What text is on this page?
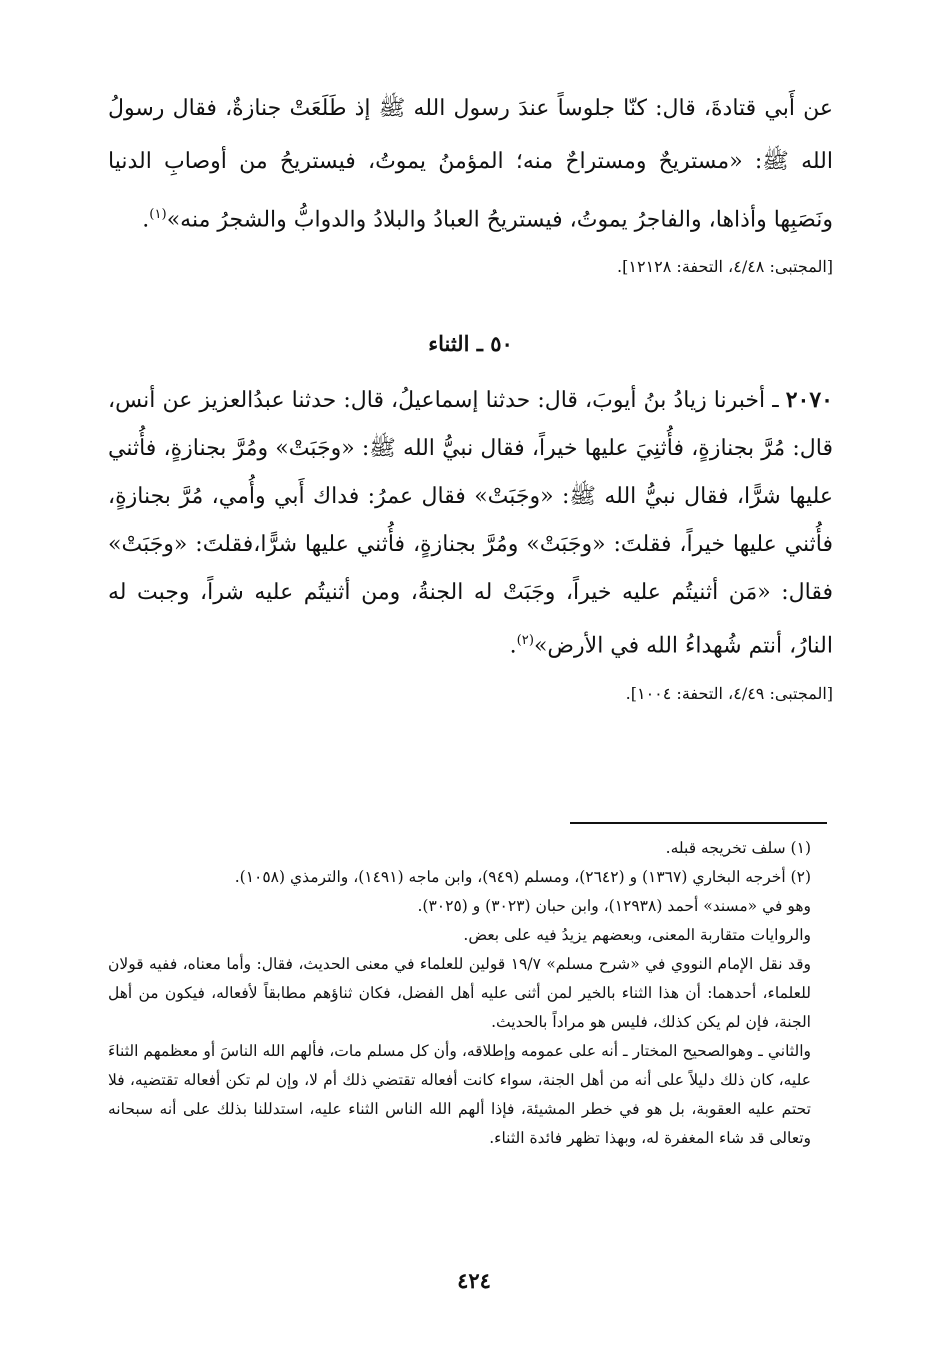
عن أَبي قتادةَ، قال: كنّا جلوساً عندَ رسول الله ﷺ إذ طَلَعَتْ جنازةٌ، فقال رسولُ الله ﷺ: «مستريحٌ ومستراحٌ منه؛ المؤمنُ يموتُ، فيستريحُ من أوصابِ الدنيا ونَصَبِها وأذاها، والفاجرُ يموتُ، فيستريحُ العبادُ والبلادُ والدوابُّ والشجرُ منه»$^{(١)}$.

[المجتبى: ٤/٤٨، التحفة: ١٢١٢٨].

٥٠ ـ الثناء

٢٠٧٠ ـ أخبرنا زيادُ بنُ أيوبَ، قال: حدثنا إسماعيلُ، قال: حدثنا عبدُالعزيز عن أنس، قال: مُرَّ بجنازةٍ، فأُثنِيَ عليها خيراً، فقال نبيُّ الله ﷺ: «وجَبَتْ» ومُرَّ بجنازةٍ، فأُثني عليها شرًّا، فقال نبيُّ الله ﷺ: «وجَبَتْ» فقال عمرُ: فداك أَبي وأُمي، مُرَّ بجنازةٍ، فأُثني عليها خيراً، فقلتَ: «وجَبَتْ» ومُرَّ بجنازةٍ، فأُثني عليها شرًّا،فقلتَ: «وجَبَتْ» فقال: «مَن أثنيتُم عليه خيراً، وجَبَتْ له الجنةُ، ومن أثنيتُم عليه شراً، وجبت له النارُ، أنتم شُهداءُ الله في الأرض»$^{(٢)}$.

[المجتبى: ٤/٤٩، التحفة: ١٠٠٤].

(١) سلف تخريجه قبله.

(٢) أخرجه البخاري (١٣٦٧) و (٢٦٤٢)، ومسلم (٩٤٩)، وابن ماجه (١٤٩١)، والترمذي (١٠٥٨).

وهو في «مسند» أحمد (١٢٩٣٨)، وابن حبان (٣٠٢٣) و (٣٠٢٥).

والروايات متقاربة المعنى، وبعضهم يزيدُ فيه على بعض.

وقد نقل الإمام النووي في «شرح مسلم» ١٩/٧ قولين للعلماء في معنى الحديث، فقال: وأما معناه، ففيه قولان للعلماء، أحدهما: أن هذا الثناء بالخير لمن أثنى عليه أهل الفضل، فكان ثناؤهم مطابقاً لأفعاله، فيكون من أهل الجنة، فإن لم يكن كذلك، فليس هو مراداً بالحديث.

والثاني ـ وهوالصحيح المختار ـ أنه على عمومه وإطلاقه، وأن كل مسلم مات، فألهم الله الناسَ أو معظمهم الثناءَ عليه، كان ذلك دليلاً على أنه من أهل الجنة، سواء كانت أفعاله تقتضي ذلك أم لا، وإن لم تكن أفعاله تقتضيه، فلا تحتم عليه العقوبة، بل هو في خطر المشيئة، فإذا ألهم الله الناس الثناء عليه، استدللنا بذلك على أنه سبحانه وتعالى قد شاء المغفرة له، وبهذا تظهر فائدة الثناء.

٤٢٤
